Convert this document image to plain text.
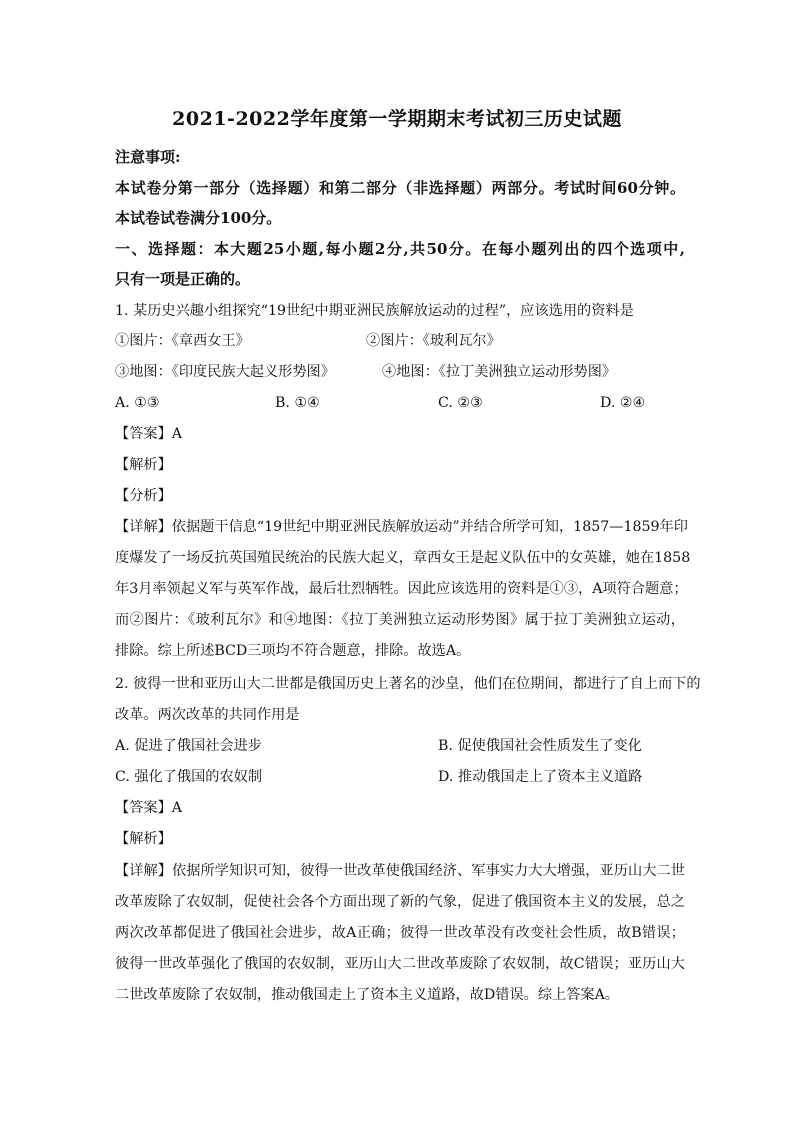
2021-2022学年度第一学期期末考试初三历史试题
注意事项:
本试卷分第一部分（选择题）和第二部分（非选择题）两部分。考试时间60分钟。
本试卷试卷满分100分。
一、选择题：本大题25小题,每小题2分,共50分。在每小题列出的四个选项中,
只有一项是正确的。
1. 某历史兴趣小组探究“19世纪中期亚洲民族解放运动的过程”，应该选用的资料是
①图片：《章西女王》	②图片：《玻利瓦尔》
③地图：《印度民族大起义形势图》	④地图：《拉丁美洲独立运动形势图》
A. ①③	B. ①④	C. ②③	D. ②④
【答案】A
【解析】
【分析】
【详解】依据题干信息“19世纪中期亚洲民族解放运动”并结合所学可知，1857—1859年印
度爆发了一场反抗英国殖民统治的民族大起义，章西女王是起义队伍中的女英雄，她在1858
年3月率领起义军与英军作战，最后壮烈牺牲。因此应该选用的资料是①③，A项符合题意；
而②图片：《玻利瓦尔》和④地图：《拉丁美洲独立运动形势图》属于拉丁美洲独立运动，
排除。综上所述BCD三项均不符合题意，排除。故选A。
2. 彼得一世和亚历山大二世都是俄国历史上著名的沙皇，他们在位期间，都进行了自上而下的
改革。两次改革的共同作用是
A. 促进了俄国社会进步	B. 促使俄国社会性质发生了变化
C. 强化了俄国的农奴制	D. 推动俄国走上了资本主义道路
【答案】A
【解析】
【详解】依据所学知识可知，彼得一世改革使俄国经济、军事实力大大增强，亚历山大二世
改革废除了农奴制，促使社会各个方面出现了新的气象，促进了俄国资本主义的发展，总之
两次改革都促进了俄国社会进步，故A正确；彼得一世改革没有改变社会性质，故B错误；
彼得一世改革强化了俄国的农奴制，亚历山大二世改革废除了农奴制，故C错误；亚历山大
二世改革废除了农奴制，推动俄国走上了资本主义道路，故D错误。综上答案A。
